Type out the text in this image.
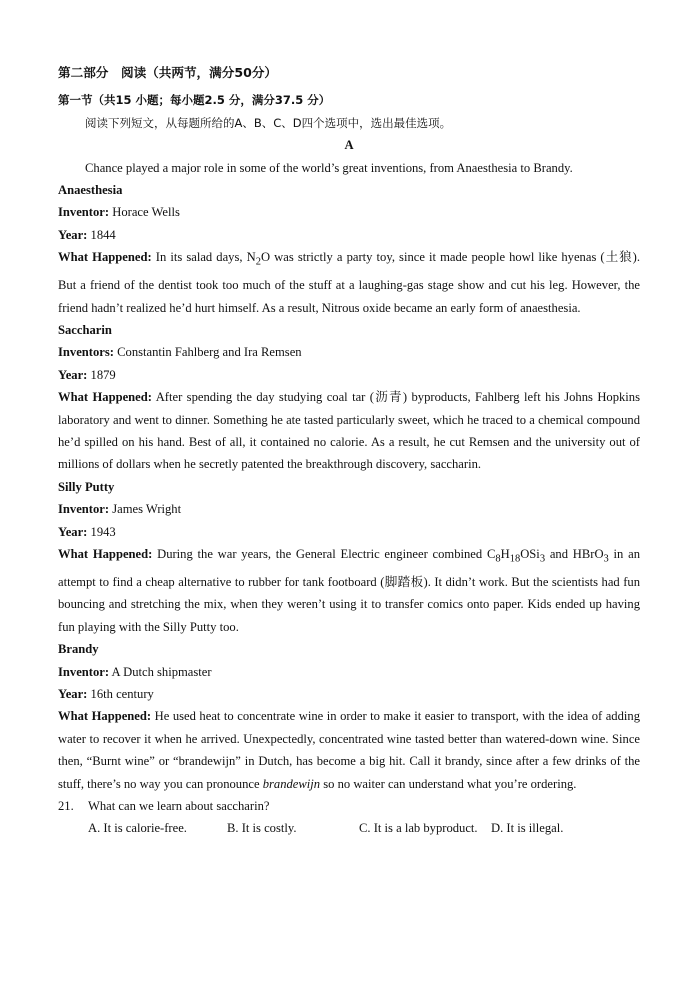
第二部分　阅读（共两节，满分50分）

第一节（共15 小题；每小题2.5 分，满分37.5 分）

阅读下列短文，从每题所给的A、B、C、D四个选项中，选出最佳选项。

A

Chance played a major role in some of the world’s great inventions, from Anaesthesia to Brandy.

Anaesthesia

Inventor: Horace Wells

Year: 1844

What Happened: In its salad days, $N_2O$ was strictly a party toy, since it made people howl like hyenas (土狼). But a friend of the dentist took too much of the stuff at a laughing-gas stage show and cut his leg. However, the friend hadn’t realized he’d hurt himself. As a result, Nitrous oxide became an early form of anaesthesia.

Saccharin

Inventors: Constantin Fahlberg and Ira Remsen

Year: 1879

What Happened: After spending the day studying coal tar (沥青) byproducts, Fahlberg left his Johns Hopkins laboratory and went to dinner. Something he ate tasted particularly sweet, which he traced to a chemical compound he’d spilled on his hand. Best of all, it contained no calorie. As a result, he cut Remsen and the university out of millions of dollars when he secretly patented the breakthrough discovery, saccharin.

Silly Putty

Inventor: James Wright

Year: 1943

What Happened: During the war years, the General Electric engineer combined $C_8H_{18}OSi_3$ and HBrO$_3$ in an attempt to find a cheap alternative to rubber for tank footboard (脚踏板). It didn’t work. But the scientists had fun bouncing and stretching the mix, when they weren’t using it to transfer comics onto paper. Kids ended up having fun playing with the Silly Putty too.

Brandy

Inventor: A Dutch shipmaster

Year: 16th century

What Happened: He used heat to concentrate wine in order to make it easier to transport, with the idea of adding water to recover it when he arrived. Unexpectedly, concentrated wine tasted better than watered-down wine. Since then, “Burnt wine” or “brandewijn” in Dutch, has become a big hit. Call it brandy, since after a few drinks of the stuff, there’s no way you can pronounce brandewijn so no waiter can understand what you’re ordering.

21. What can we learn about saccharin?

A. It is calorie-free.	B. It is costly.	C. It is a lab byproduct. D. It is illegal.
